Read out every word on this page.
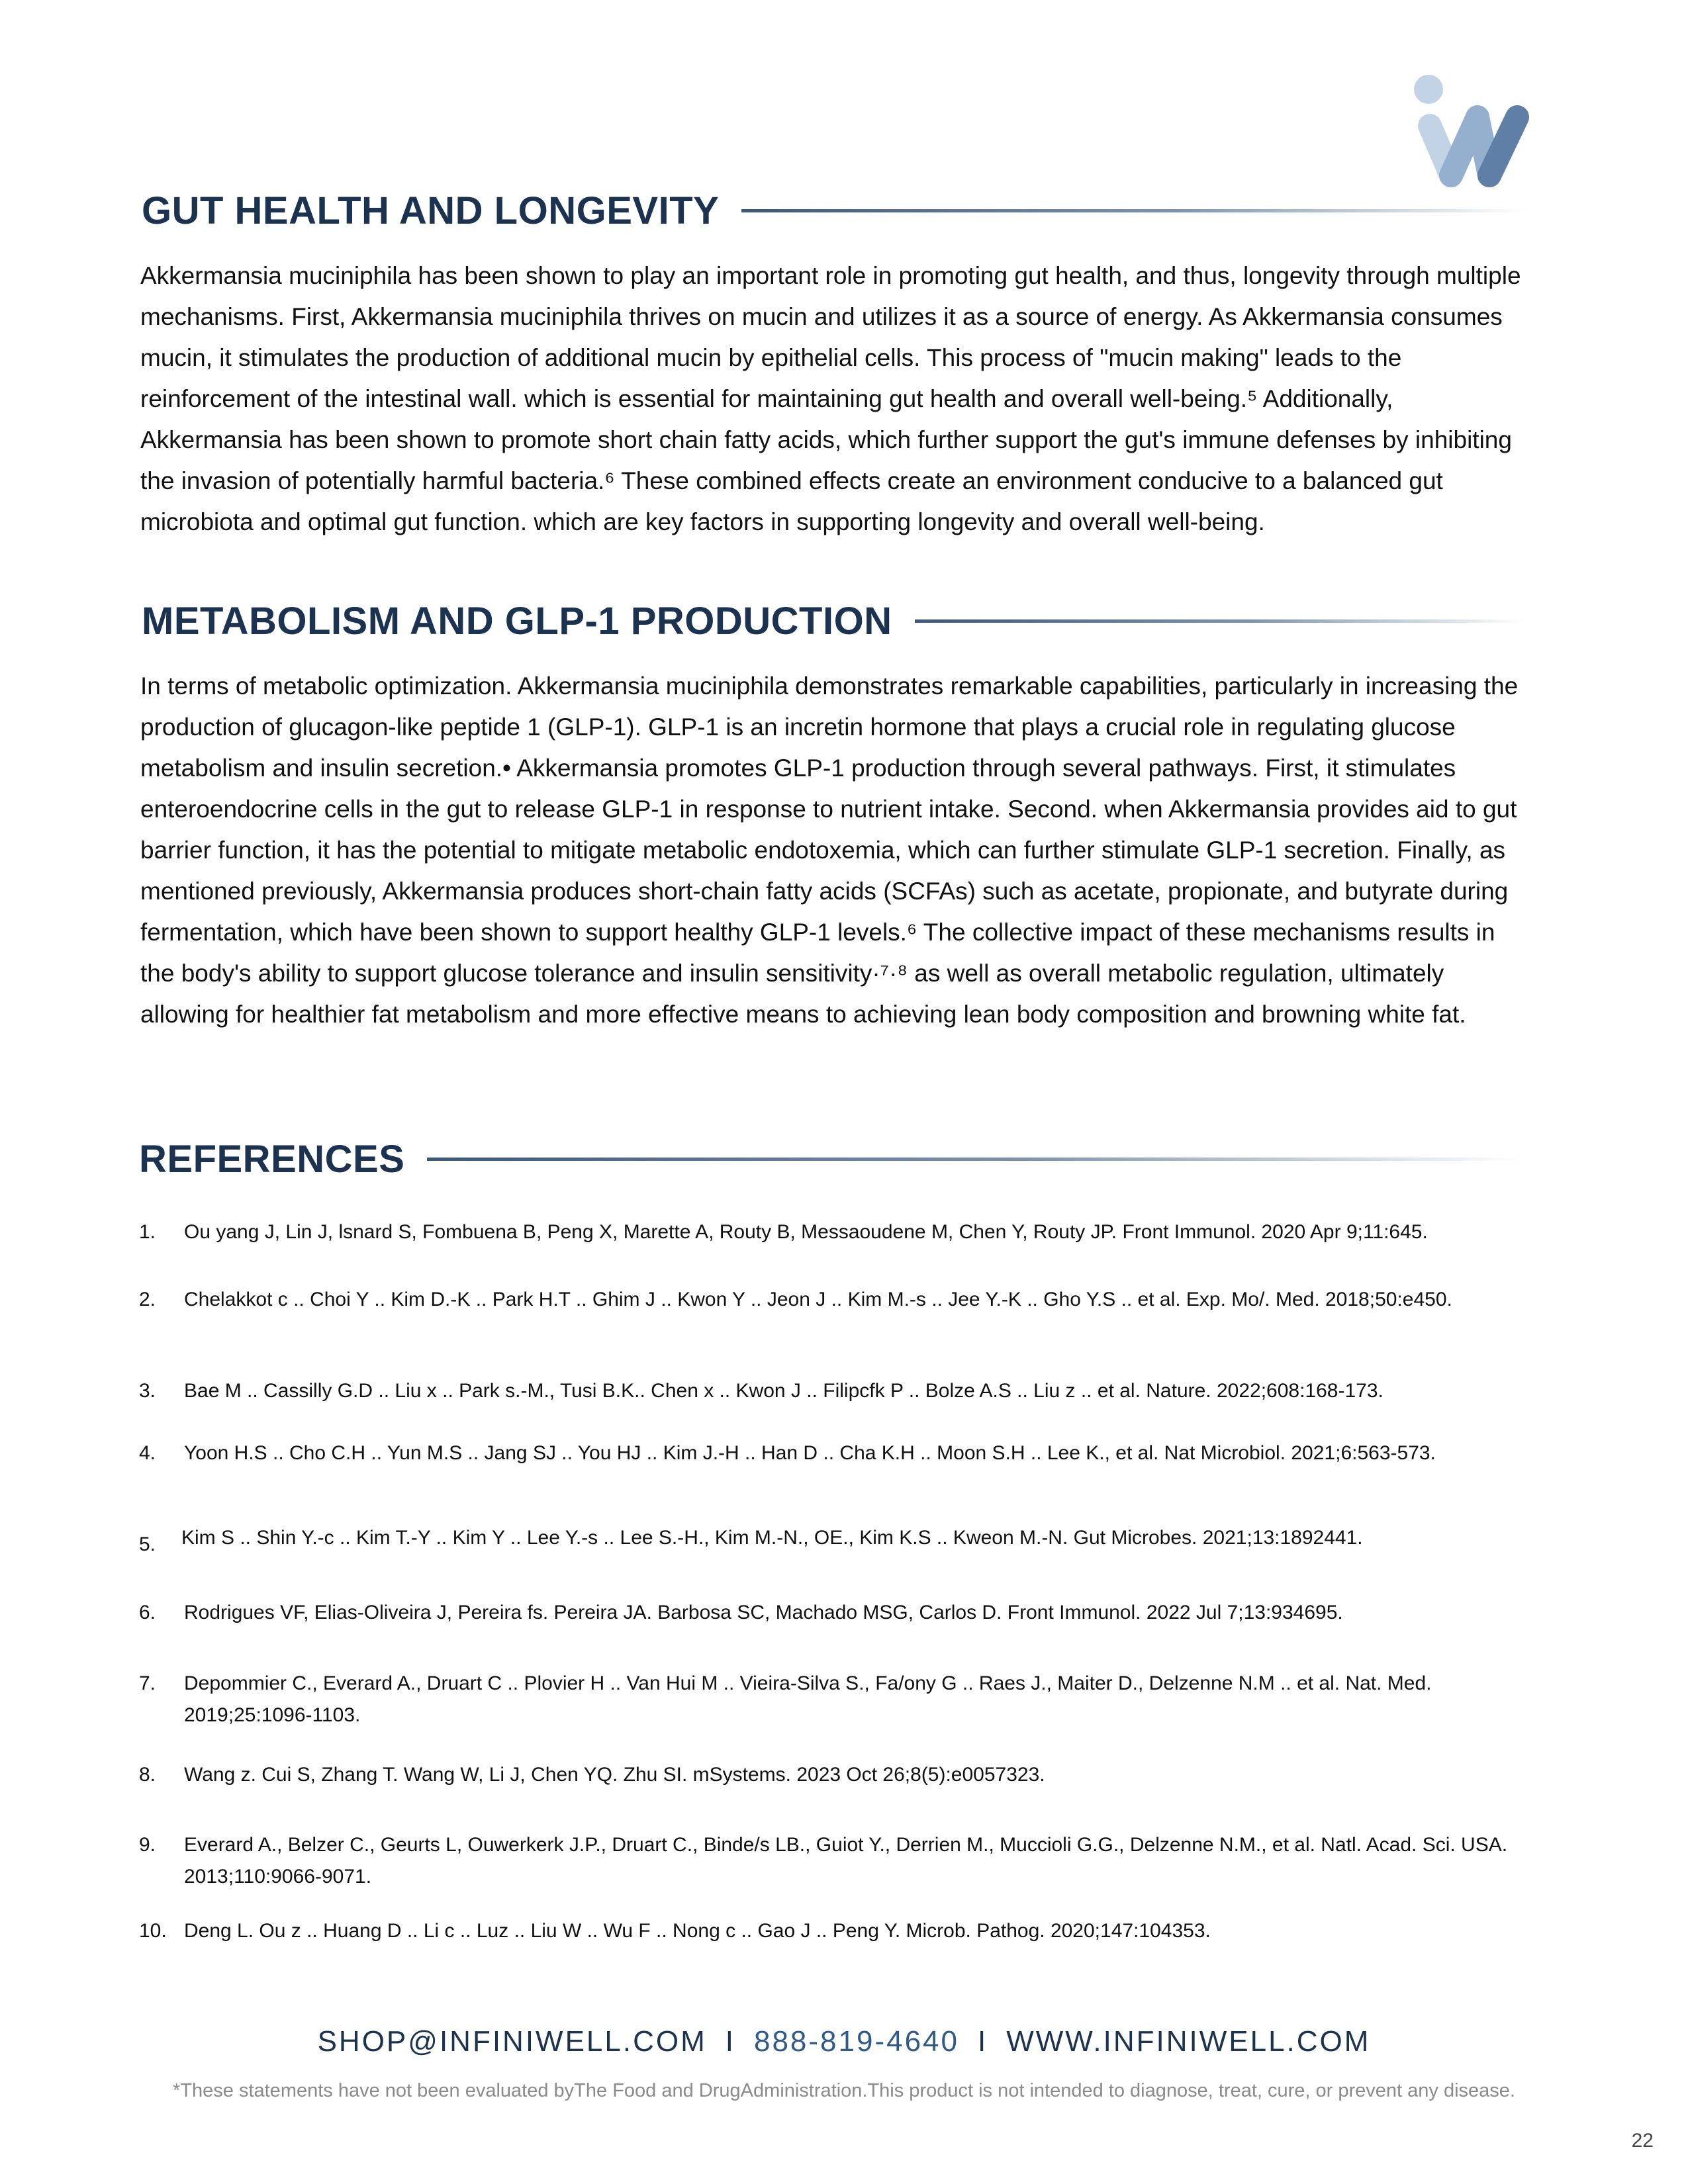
GUT HEALTH AND LONGEVITY

Akkermansia muciniphila has been shown to play an important role in promoting gut health, and thus, longevity through multiple mechanisms. First, Akkermansia muciniphila thrives on mucin and utilizes it as a source of energy. As Akkermansia consumes mucin, it stimulates the production of additional mucin by epithelial cells. This process of "mucin making" leads to the reinforcement of the intestinal wall. which is essential for maintaining gut health and overall well-being.⁵ Additionally, Akkermansia has been shown to promote short chain fatty acids, which further support the gut's immune defenses by inhibiting the invasion of potentially harmful bacteria.⁶ These combined effects create an environment conducive to a balanced gut microbiota and optimal gut function. which are key factors in supporting longevity and overall well-being.

METABOLISM AND GLP-1 PRODUCTION

In terms of metabolic optimization. Akkermansia muciniphila demonstrates remarkable capabilities, particularly in increasing the production of glucagon-like peptide 1 (GLP-1). GLP-1 is an incretin hormone that plays a crucial role in regulating glucose metabolism and insulin secretion.• Akkermansia promotes GLP-1 production through several pathways. First, it stimulates enteroendocrine cells in the gut to release GLP-1 in response to nutrient intake. Second. when Akkermansia provides aid to gut barrier function, it has the potential to mitigate metabolic endotoxemia, which can further stimulate GLP-1 secretion. Finally, as mentioned previously, Akkermansia produces short-chain fatty acids (SCFAs) such as acetate, propionate, and butyrate during fermentation, which have been shown to support healthy GLP-1 levels.⁶ The collective impact of these mechanisms results in the body's ability to support glucose tolerance and insulin sensitivity·⁷·⁸ as well as overall metabolic regulation, ultimately allowing for healthier fat metabolism and more effective means to achieving lean body composition and browning white fat.

REFERENCES
1. Ou yang J, Lin J, lsnard S, Fombuena B, Peng X, Marette A, Routy B, Messaoudene M, Chen Y, Routy JP. Front Immunol. 2020 Apr 9;11:645.
2. Chelakkot c .. Choi Y .. Kim D.-K .. Park H.T .. Ghim J .. Kwon Y .. Jeon J .. Kim M.-s .. Jee Y.-K .. Gho Y.S .. et al. Exp. Mo/. Med. 2018;50:e450.
3. Bae M .. Cassilly G.D .. Liu x .. Park s.-M., Tusi B.K.. Chen x .. Kwon J .. Filipcfk P .. Bolze A.S .. Liu z .. et al. Nature. 2022;608:168-173.
4. Yoon H.S .. Cho C.H .. Yun M.S .. Jang SJ .. You HJ .. Kim J.-H .. Han D .. Cha K.H .. Moon S.H .. Lee K., et al. Nat Microbiol. 2021;6:563-573.
5. Kim S .. Shin Y.-c .. Kim T.-Y .. Kim Y .. Lee Y.-s .. Lee S.-H., Kim M.-N., OE., Kim K.S .. Kweon M.-N. Gut Microbes. 2021;13:1892441.
6. Rodrigues VF, Elias-Oliveira J, Pereira fs. Pereira JA. Barbosa SC, Machado MSG, Carlos D. Front Immunol. 2022 Jul 7;13:934695.
7. Depommier C., Everard A., Druart C .. Plovier H .. Van Hui M .. Vieira-Silva S., Fa/ony G .. Raes J., Maiter D., Delzenne N.M .. et al. Nat. Med. 2019;25:1096-1103.
8. Wang z. Cui S, Zhang T. Wang W, Li J, Chen YQ. Zhu SI. mSystems. 2023 Oct 26;8(5):e0057323.
9. Everard A., Belzer C., Geurts L, Ouwerkerk J.P., Druart C., Binde/s LB., Guiot Y., Derrien M., Muccioli G.G., Delzenne N.M., et al. Natl. Acad. Sci. USA. 2013;110:9066-9071.
10. Deng L. Ou z .. Huang D .. Li c .. Luz .. Liu W .. Wu F .. Nong c .. Gao J .. Peng Y. Microb. Pathog. 2020;147:104353.
SHOP@INFINIWELL.COM I 888-819-4640 I WWW.INFINIWELL.COM
*These statements have not been evaluated byThe Food and DrugAdministration.This product is not intended to diagnose, treat, cure, or prevent any disease.
22
